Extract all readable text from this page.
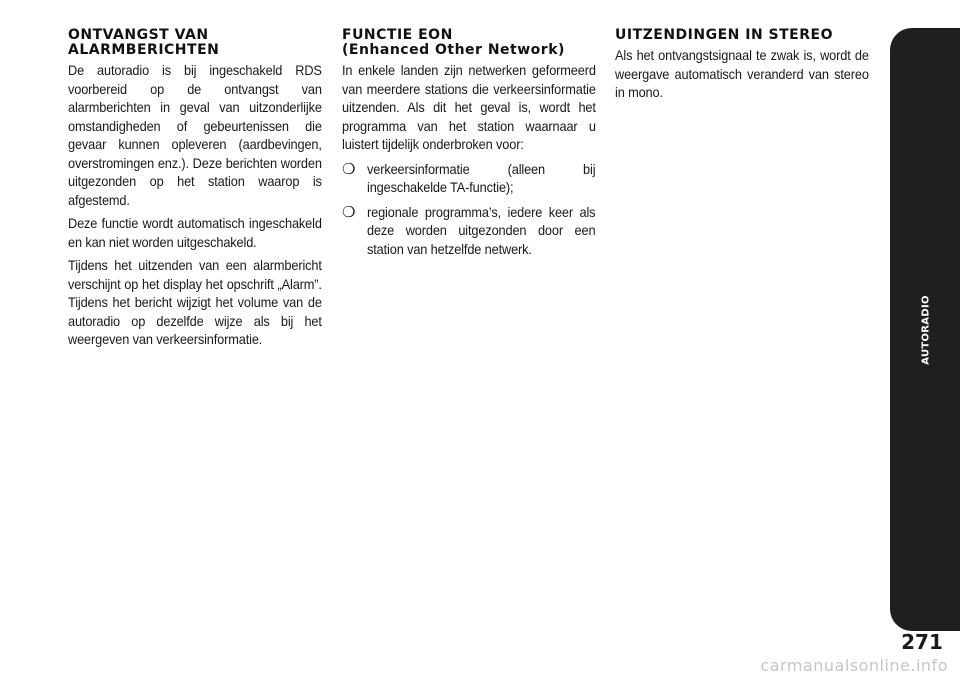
ONTVANGST VAN
ALARMBERICHTEN

De autoradio is bij ingeschakeld RDS voorbereid op de ontvangst van alarmberichten in geval van uitzonderlijke omstandigheden of gebeurtenissen die gevaar kunnen opleveren (aardbevingen, overstromingen enz.). Deze berichten worden uitgezonden op het station waarop is afgestemd.

Deze functie wordt automatisch ingeschakeld en kan niet worden uitgeschakeld.

Tijdens het uitzenden van een alarmbericht verschijnt op het display het opschrift „Alarm”. Tijdens het bericht wijzigt het volume van de autoradio op dezelfde wijze als bij het weergeven van verkeersinformatie.

FUNCTIE EON
(Enhanced Other Network)

In enkele landen zijn netwerken geformeerd van meerdere stations die verkeersinformatie uitzenden. Als dit het geval is, wordt het programma van het station waarnaar u luistert tijdelijk onderbroken voor:

❍ verkeersinformatie (alleen bij ingeschakelde TA-functie);
❍ regionale programma’s, iedere keer als deze worden uitgezonden door een station van hetzelfde netwerk.
UITZENDINGEN IN STEREO

Als het ontvangstsignaal te zwak is, wordt de weergave automatisch veranderd van stereo in mono.

AUTORADIO
271
carmanualsonline.info
